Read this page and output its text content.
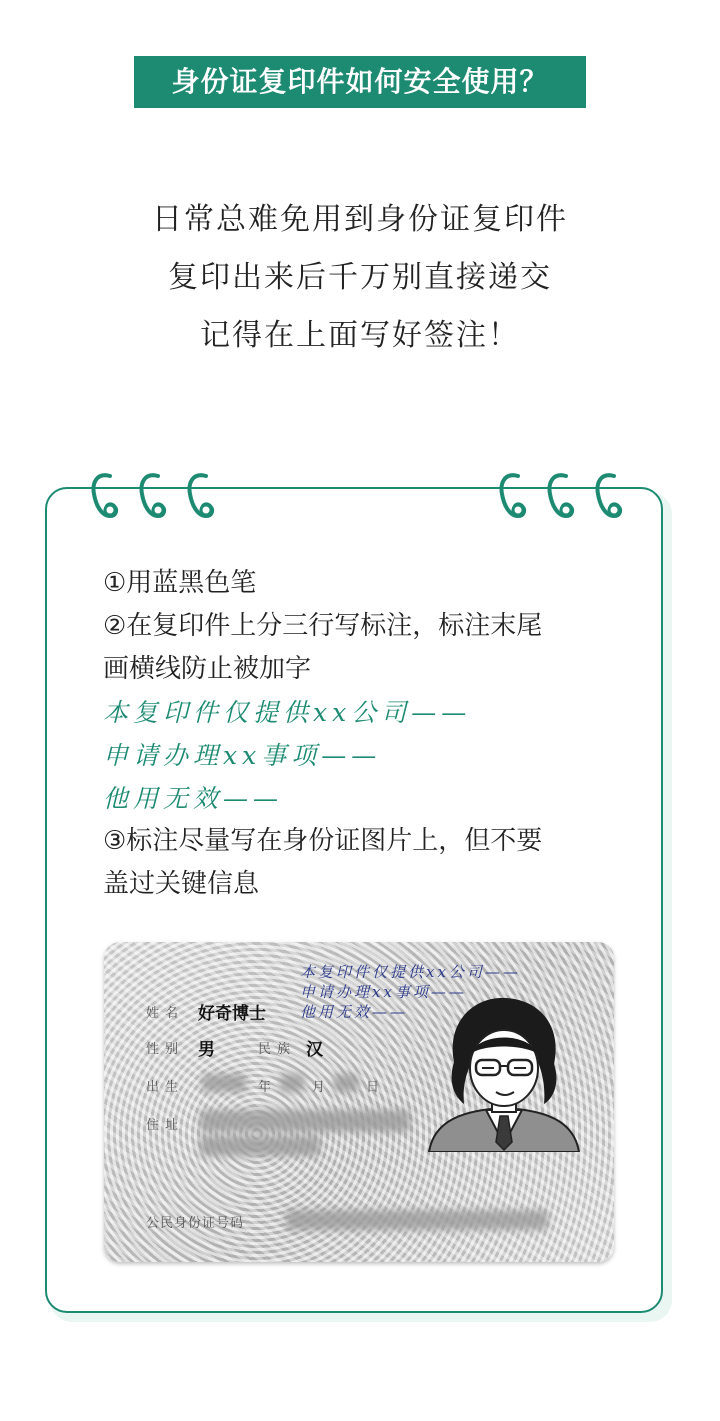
身份证复印件如何安全使用？
日常总难免用到身份证复印件
复印出来后千万别直接递交
记得在上面写好签注！
①用蓝黑色笔
②在复印件上分三行写标注，标注末尾
画横线防止被加字
本复印件仅提供xx公司——
申请办理xx事项——
他用无效——
③标注尽量写在身份证图片上，但不要
盖过关键信息
姓名 好奇博士
性别 男	民族 汉
出生	年	月	日
住址
公民身份证号码
本复印件仅提供xx公司——
申请办理xx事项——
他用无效——
